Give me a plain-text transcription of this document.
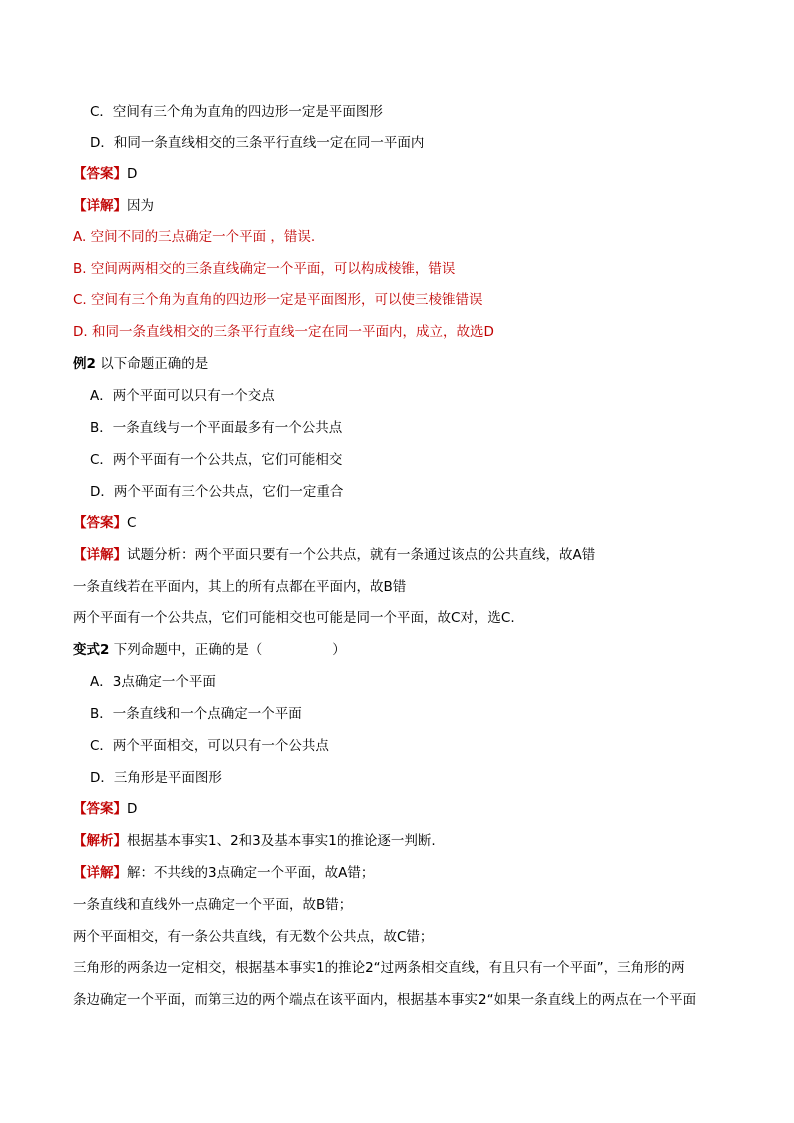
C．空间有三个角为直角的四边形一定是平面图形
D．和同一条直线相交的三条平行直线一定在同一平面内
【答案】D
【详解】因为
A. 空间不同的三点确定一个平面 ，错误.
B. 空间两两相交的三条直线确定一个平面，可以构成棱锥，错误
C. 空间有三个角为直角的四边形一定是平面图形，可以使三棱锥错误
D. 和同一条直线相交的三条平行直线一定在同一平面内，成立，故选D
例2 以下命题正确的是
A．两个平面可以只有一个交点
B．一条直线与一个平面最多有一个公共点
C．两个平面有一个公共点，它们可能相交
D．两个平面有三个公共点，它们一定重合
【答案】C
【详解】试题分析：两个平面只要有一个公共点，就有一条通过该点的公共直线，故A错
一条直线若在平面内，其上的所有点都在平面内，故B错
两个平面有一个公共点，它们可能相交也可能是同一个平面，故C对，选C.
变式2 下列命题中，正确的是（	）
A．3点确定一个平面
B．一条直线和一个点确定一个平面
C．两个平面相交，可以只有一个公共点
D．三角形是平面图形
【答案】D
【解析】根据基本事实1、2和3及基本事实1的推论逐一判断.
【详解】解：不共线的3点确定一个平面，故A错；
一条直线和直线外一点确定一个平面，故B错；
两个平面相交，有一条公共直线，有无数个公共点，故C错；
三角形的两条边一定相交，根据基本事实1的推论2“过两条相交直线，有且只有一个平面”，三角形的两
条边确定一个平面，而第三边的两个端点在该平面内，根据基本事实2“如果一条直线上的两点在一个平面
